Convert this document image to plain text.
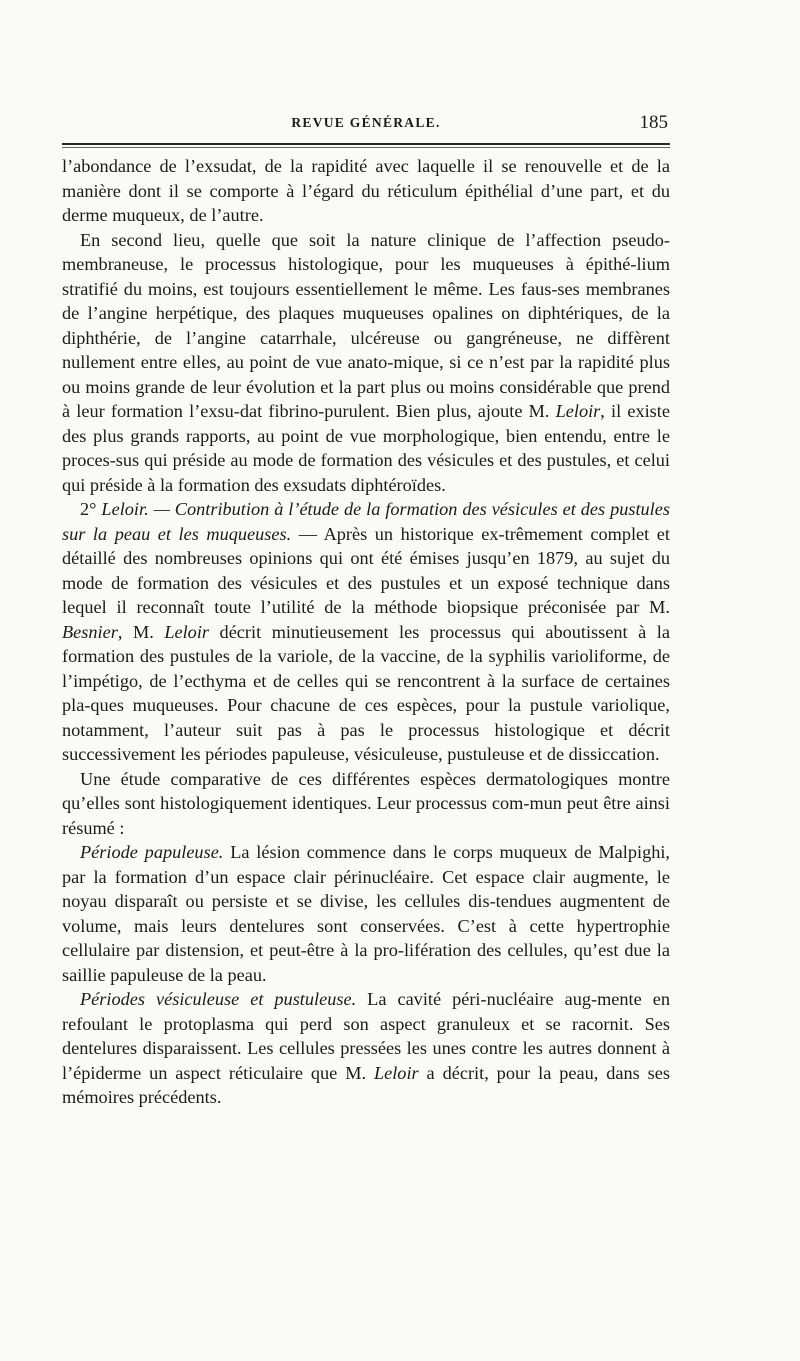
REVUE GÉNÉRALE.	185

l’abondance de l’exsudat, de la rapidité avec laquelle il se renouvelle et de la manière dont il se comporte à l’égard du réticulum épithélial d’une part, et du derme muqueux, de l’autre.

En second lieu, quelle que soit la nature clinique de l’affection pseudo-membraneuse, le processus histologique, pour les muqueuses à épithé-lium stratifié du moins, est toujours essentiellement le même. Les faus-ses membranes de l’angine herpétique, des plaques muqueuses opalines on diphtériques, de la diphthérie, de l’angine catarrhale, ulcéreuse ou gangréneuse, ne diffèrent nullement entre elles, au point de vue anato-mique, si ce n’est par la rapidité plus ou moins grande de leur évolution et la part plus ou moins considérable que prend à leur formation l’exsu-dat fibrino-purulent. Bien plus, ajoute M. Leloir, il existe des plus grands rapports, au point de vue morphologique, bien entendu, entre le proces-sus qui préside au mode de formation des vésicules et des pustules, et celui qui préside à la formation des exsudats diphtéroïdes.

2° Leloir. — Contribution à l’étude de la formation des vésicules et des pustules sur la peau et les muqueuses. — Après un historique ex-trêmement complet et détaillé des nombreuses opinions qui ont été émises jusqu’en 1879, au sujet du mode de formation des vésicules et des pustules et un exposé technique dans lequel il reconnaît toute l’utilité de la méthode biopsique préconisée par M. Besnier, M. Leloir décrit minutieusement les processus qui aboutissent à la formation des pustules de la variole, de la vaccine, de la syphilis varioliforme, de l’impétigo, de l’ecthyma et de celles qui se rencontrent à la surface de certaines pla-ques muqueuses. Pour chacune de ces espèces, pour la pustule variolique, notamment, l’auteur suit pas à pas le processus histologique et décrit successivement les périodes papuleuse, vésiculeuse, pustuleuse et de dissiccation.

Une étude comparative de ces différentes espèces dermatologiques montre qu’elles sont histologiquement identiques. Leur processus com-mun peut être ainsi résumé :

Période papuleuse. La lésion commence dans le corps muqueux de Malpighi, par la formation d’un espace clair périnucléaire. Cet espace clair augmente, le noyau disparaît ou persiste et se divise, les cellules dis-tendues augmentent de volume, mais leurs dentelures sont conservées. C’est à cette hypertrophie cellulaire par distension, et peut-être à la pro-lifération des cellules, qu’est due la saillie papuleuse de la peau.

Périodes vésiculeuse et pustuleuse. La cavité péri-nucléaire aug-mente en refoulant le protoplasma qui perd son aspect granuleux et se racornit. Ses dentelures disparaissent. Les cellules pressées les unes contre les autres donnent à l’épiderme un aspect réticulaire que M. Leloir a décrit, pour la peau, dans ses mémoires précédents.
